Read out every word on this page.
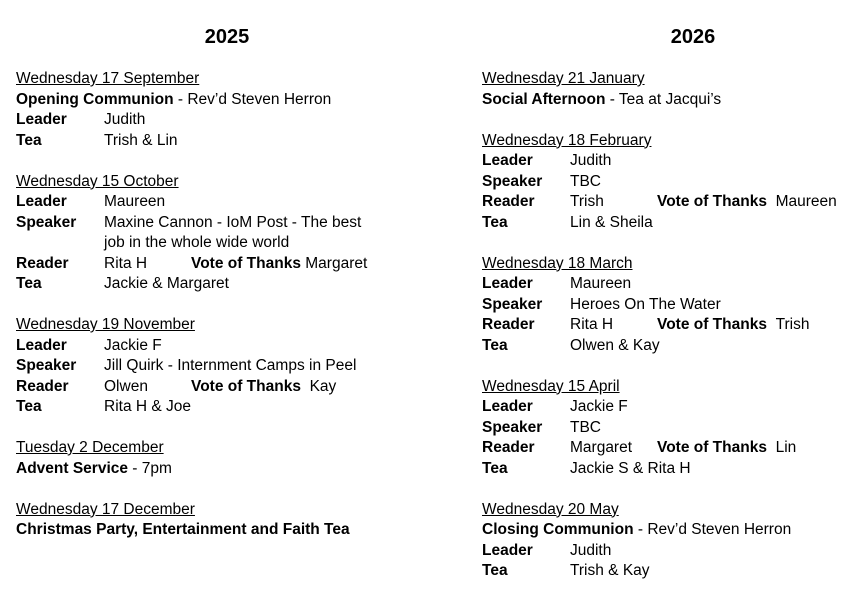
2025
Wednesday 17 September
Opening Communion - Rev’d Steven Herron
Leader Judith
Tea	Trish & Lin
Wednesday 15 October
Leader Maureen
Speaker Maxine Cannon - IoM Post - The best
job in the whole wide world
Reader Rita H	Vote of Thanks Margaret
Tea	Jackie & Margaret
Wednesday 19 November
Leader Jackie F
Speaker Jill Quirk - Internment Camps in Peel
Reader Olwen	Vote of Thanks Kay
Tea	Rita H & Joe
Tuesday 2 December
Advent Service - 7pm
Wednesday 17 December
Christmas Party, Entertainment and Faith Tea
2026
Wednesday 21 January
Social Afternoon - Tea at Jacqui’s
Wednesday 18 February
Leader Judith
Speaker TBC
Reader Trish	Vote of Thanks Maureen
Tea	Lin & Sheila
Wednesday 18 March
Leader Maureen
Speaker Heroes On The Water
Reader Rita H	Vote of Thanks Trish
Tea	Olwen & Kay
Wednesday 15 April
Leader Jackie F
Speaker TBC
Reader Margaret Vote of Thanks Lin
Tea	Jackie S & Rita H
Wednesday 20 May
Closing Communion - Rev’d Steven Herron
Leader Judith
Tea	Trish & Kay
